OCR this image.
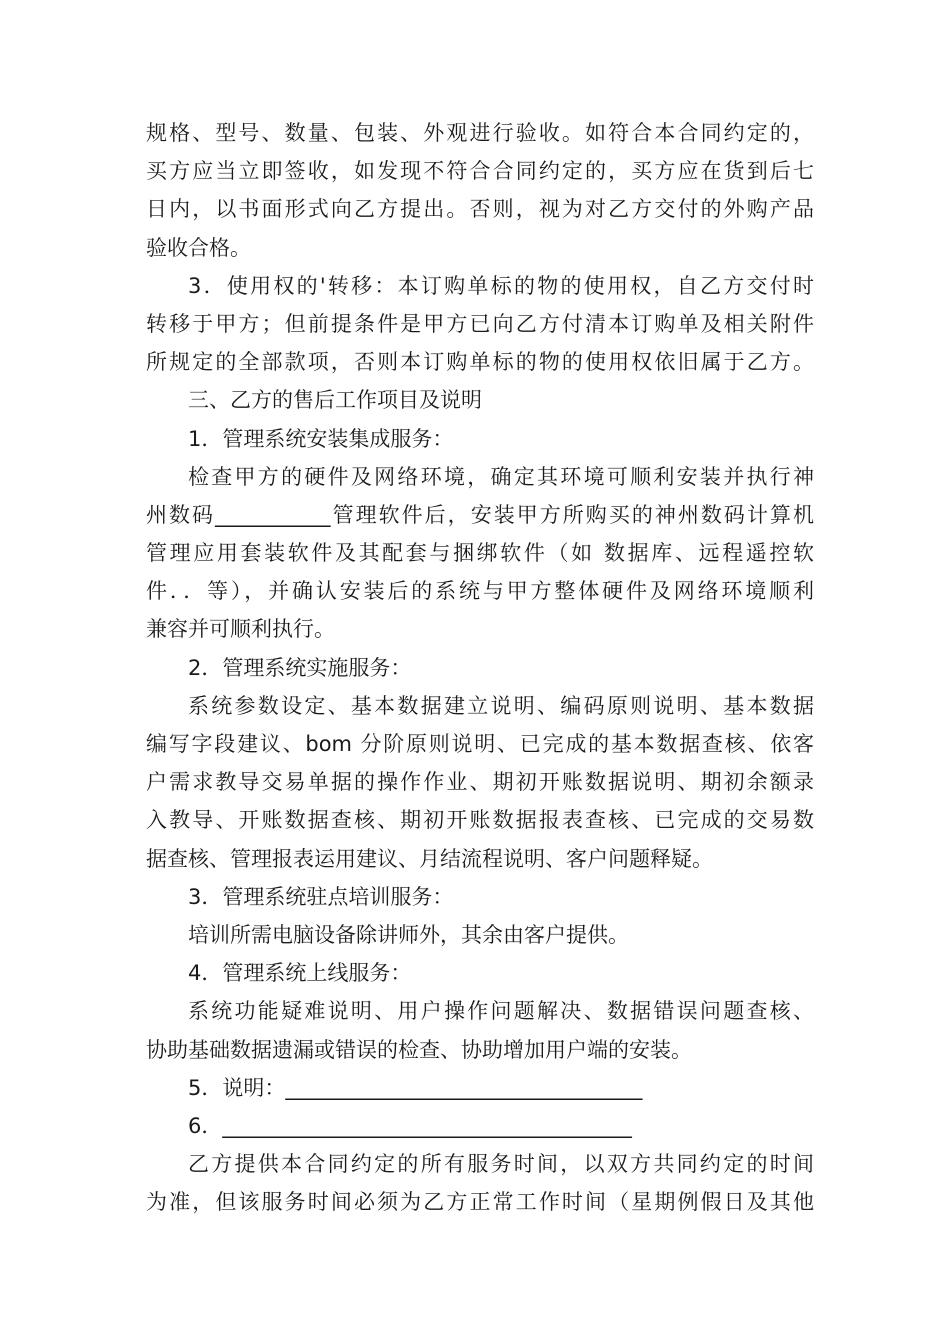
规格、型号、数量、包装、外观进行验收。如符合本合同约定的，
买方应当立即签收，如发现不符合合同约定的，买方应在货到后七
日内，以书面形式向乙方提出。否则，视为对乙方交付的外购产品
验收合格。
3．使用权的'转移：本订购单标的物的使用权，自乙方交付时
转移于甲方；但前提条件是甲方已向乙方付清本订购单及相关附件
所规定的全部款项，否则本订购单标的物的使用权依旧属于乙方。
三、乙方的售后工作项目及说明
1．管理系统安装集成服务：
检查甲方的硬件及网络环境，确定其环境可顺利安装并执行神
州数码___________管理软件后，安装甲方所购买的神州数码计算机
管理应用套装软件及其配套与捆绑软件（如 数据库、远程遥控软
件．．等），并确认安装后的系统与甲方整体硬件及网络环境顺利
兼容并可顺利执行。
2．管理系统实施服务：
系统参数设定、基本数据建立说明、编码原则说明、基本数据
编写字段建议、bom 分阶原则说明、已完成的基本数据查核、依客
户需求教导交易单据的操作作业、期初开账数据说明、期初余额录
入教导、开账数据查核、期初开账数据报表查核、已完成的交易数
据查核、管理报表运用建议、月结流程说明、客户问题释疑。
3．管理系统驻点培训服务：
培训所需电脑设备除讲师外，其余由客户提供。
4．管理系统上线服务：
系统功能疑难说明、用户操作问题解决、数据错误问题查核、
协助基础数据遗漏或错误的检查、协助增加用户端的安装。
5．说明：__________________________________
6．_______________________________________
乙方提供本合同约定的所有服务时间，以双方共同约定的时间
为准，但该服务时间必须为乙方正常工作时间（星期例假日及其他
